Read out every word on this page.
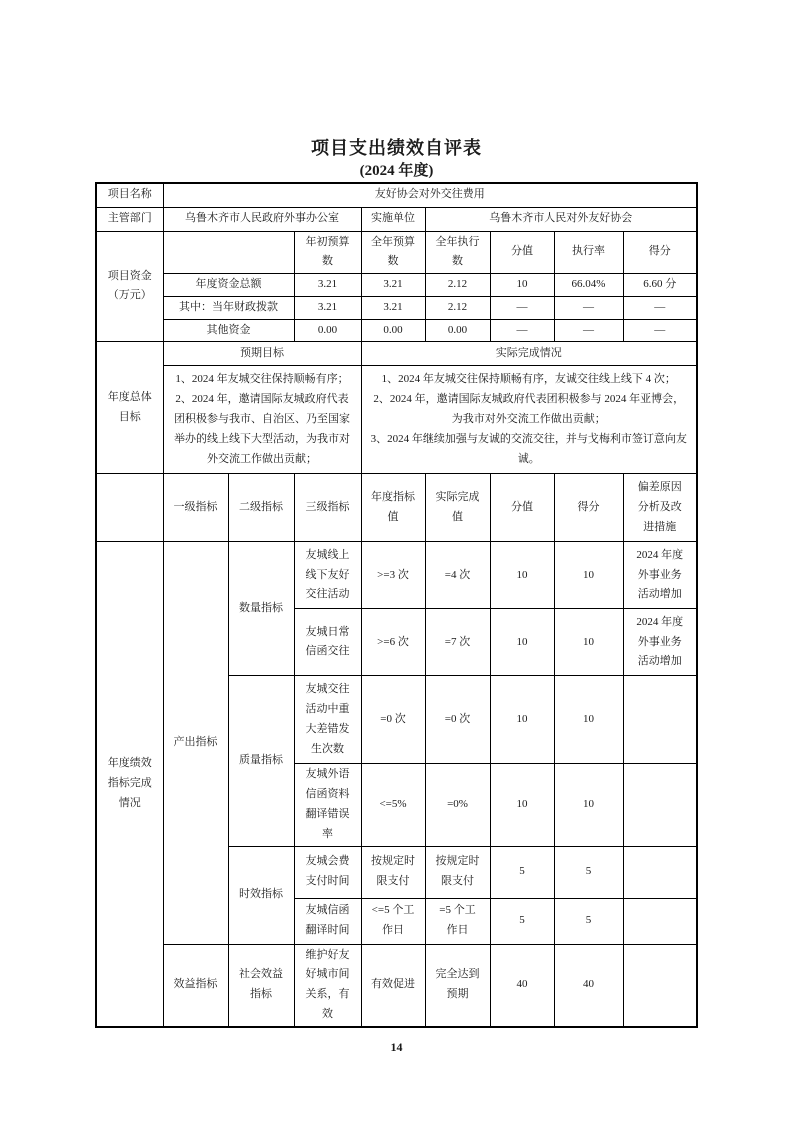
项目支出绩效自评表
(2024 年度)
项目名称	友好协会对外交往费用							
主管部门	乌鲁木齐市人民政府外事办公室			实施单位	乌鲁木齐市人民对外友好协会			
项目资金（万元）			年初预算数	全年预算数	全年执行数	分值	执行率	得分
	年度资金总额		3.21	3.21	2.12	10	66.04%	6.60 分
	其中：当年财政拨款		3.21	3.21	2.12	—	—	—
	其他资金		0.00	0.00	0.00	—	—	—
年度总体目标	预期目标			实际完成情况				

1、2024 年友城交往保持顺畅有序；
2、2024 年，邀请国际友城政府代表团积极参与我市、自治区、乃至国家举办的线上线下大型活动，为我市对外交流工作做出贡献；

1、2024 年友城交往保持顺畅有序，友诚交往线上线下 4 次；
2、2024 年，邀请国际友城政府代表团积极参与 2024 年亚博会，为我市对外交流工作做出贡献；
3、2024 年继续加强与友诚的交流交往，并与戈梅利市签订意向友诚。

	一级指标	二级指标	三级指标	年度指标值	实际完成值	分值	得分	偏差原因分析及改进措施
年度绩效指标完成情况	产出指标	数量指标	友城线上线下友好交往活动	>=3 次	=4 次	10	10	2024 年度外事业务活动增加
			友城日常信函交往	>=6 次	=7 次	10	10	2024 年度外事业务活动增加
		质量指标	友城交往活动中重大差错发生次数	=0 次	=0 次	10	10	
			友城外语信函资料翻译错误率	<=5%	=0%	10	10	
		时效指标	友城会费支付时间	按规定时限支付	按规定时限支付	5	5	
			友城信函翻译时间	<=5 个工作日	=5 个工作日	5	5	
	效益指标	社会效益指标	维护好友好城市间关系，有效	有效促进	完全达到预期	40	40	
14
